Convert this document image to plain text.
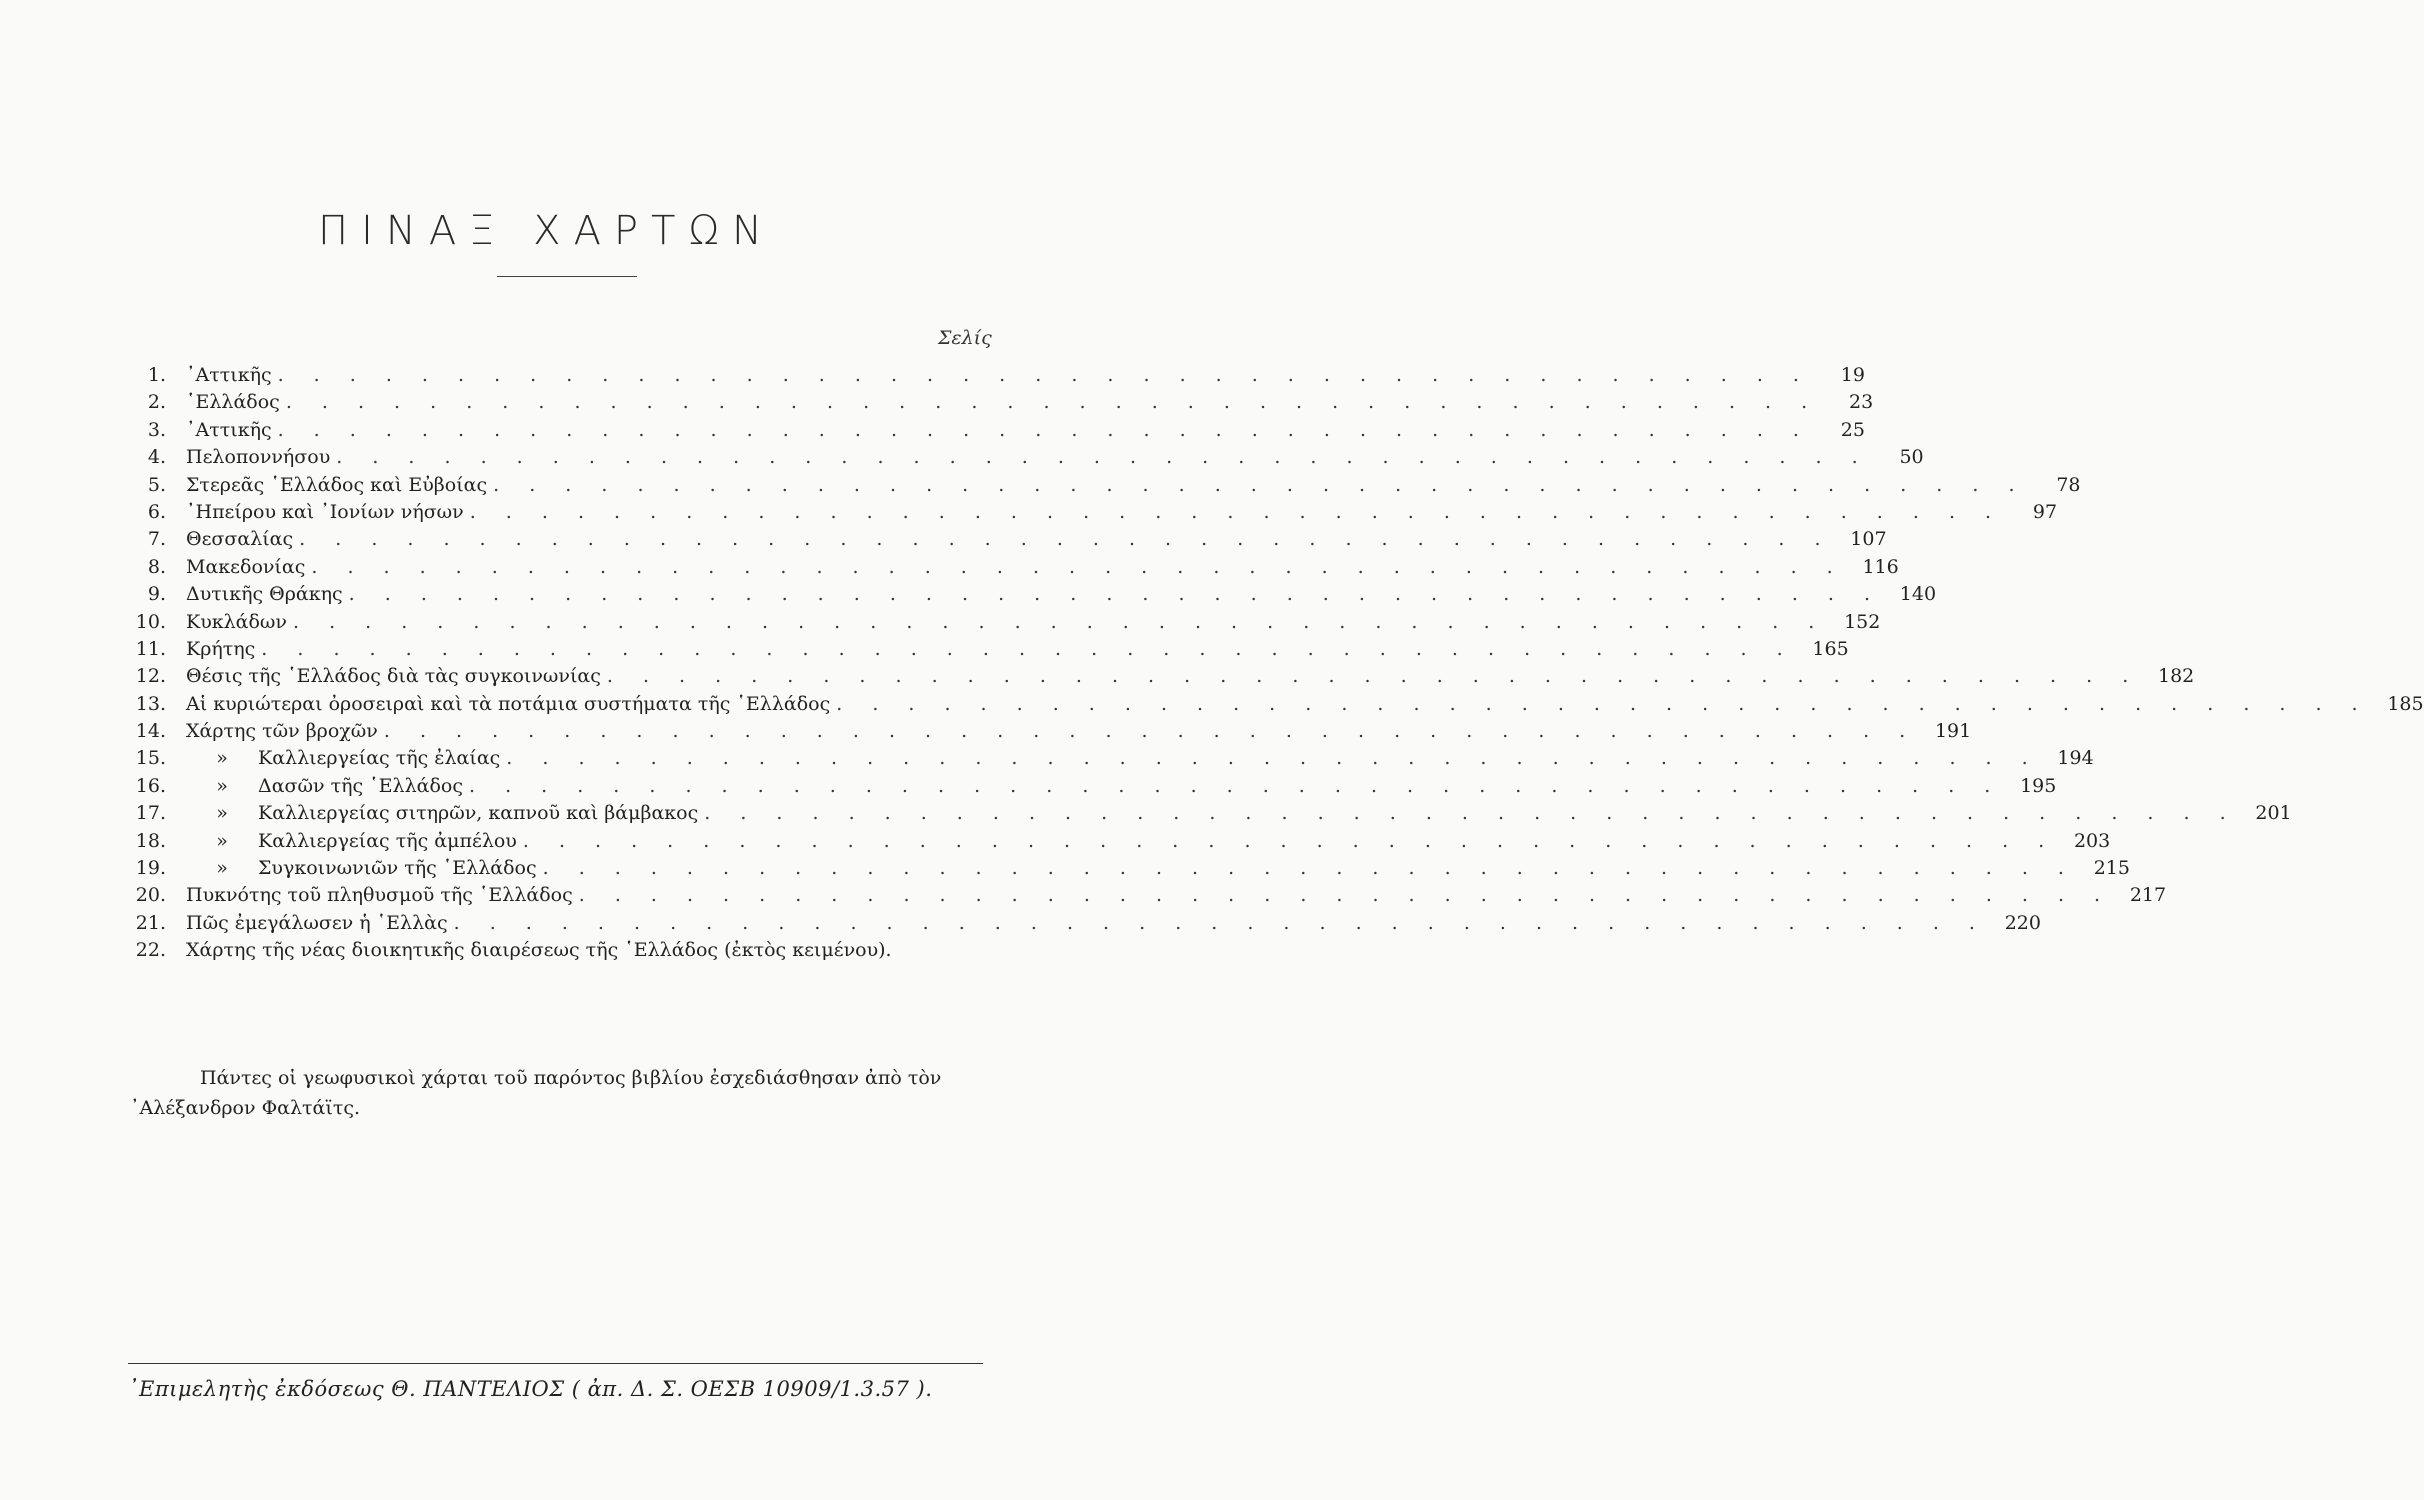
ΠΙΝΑΞ ΧΑΡΤΩΝ
Σελίς
1. ᾿Αττικῆς . . . . . . . . . . . . . . . . . . . . . . . . . . . . . . . . . . . . . . . . . . .	19
2. ῾Ελλάδος . . . . . . . . . . . . . . . . . . . . . . . . . . . . . . . . . . . . . . . . . . .	23
3. ᾿Αττικῆς . . . . . . . . . . . . . . . . . . . . . . . . . . . . . . . . . . . . . . . . . . .	25
4. Πελοποννήσου . . . . . . . . . . . . . . . . . . . . . . . . . . . . . . . . . . . . . . . . . . .	50
5. Στερεᾶς ῾Ελλάδος καὶ Εὐβοίας . . . . . . . . . . . . . . . . . . . . . . . . . . . . . . . . . . . . . . . . . . .	78
6. ᾿Ηπείρου καὶ ᾿Ιονίων νήσων . . . . . . . . . . . . . . . . . . . . . . . . . . . . . . . . . . . . . . . . . . .	97
7. Θεσσαλίας . . . . . . . . . . . . . . . . . . . . . . . . . . . . . . . . . . . . . . . . . . . 107
8. Μακεδονίας . . . . . . . . . . . . . . . . . . . . . . . . . . . . . . . . . . . . . . . . . . . 116
9. Δυτικῆς Θράκης . . . . . . . . . . . . . . . . . . . . . . . . . . . . . . . . . . . . . . . . . . . 140
10. Κυκλάδων . . . . . . . . . . . . . . . . . . . . . . . . . . . . . . . . . . . . . . . . . . . 152
11. Κρήτης . . . . . . . . . . . . . . . . . . . . . . . . . . . . . . . . . . . . . . . . . . . 165
12. Θέσις τῆς ῾Ελλάδος διὰ τὰς συγκοινωνίας . . . . . . . . . . . . . . . . . . . . . . . . . . . . . . . . . . . . . . . . . . . 182
13. Αἱ κυριώτεραι ὀροσειραὶ καὶ τὰ ποτάμια συστήματα τῆς ῾Ελλάδος . . . . . . . . . . . . . . . . . . . . . . . . . . . . . . . . . . . . . . . . . . . 185
14. Χάρτης τῶν βροχῶν . . . . . . . . . . . . . . . . . . . . . . . . . . . . . . . . . . . . . . . . . . . 191
15.	»	Καλλιεργείας τῆς ἐλαίας . . . . . . . . . . . . . . . . . . . . . . . . . . . . . . . . . . . . . . . . . . . 194
16.	»	Δασῶν τῆς ῾Ελλάδος . . . . . . . . . . . . . . . . . . . . . . . . . . . . . . . . . . . . . . . . . . . 195
17.	»	Καλλιεργείας σιτηρῶν, καπνοῦ καὶ βάμβακος . . . . . . . . . . . . . . . . . . . . . . . . . . . . . . . . . . . . . . . . . . . 201
18.	»	Καλλιεργείας τῆς ἀμπέλου . . . . . . . . . . . . . . . . . . . . . . . . . . . . . . . . . . . . . . . . . . . 203
19.	»	Συγκοινωνιῶν τῆς ῾Ελλάδος . . . . . . . . . . . . . . . . . . . . . . . . . . . . . . . . . . . . . . . . . . . 215
20. Πυκνότης τοῦ πληθυσμοῦ τῆς ῾Ελλάδος . . . . . . . . . . . . . . . . . . . . . . . . . . . . . . . . . . . . . . . . . . . 217
21. Πῶς ἐμεγάλωσεν ἡ ῾Ελλὰς . . . . . . . . . . . . . . . . . . . . . . . . . . . . . . . . . . . . . . . . . . . 220
22. Χάρτης τῆς νέας διοικητικῆς διαιρέσεως τῆς ῾Ελλάδος (ἐκτὸς κειμένου).
Πάντες οἱ γεωφυσικοὶ χάρται τοῦ παρόντος βιβλίου ἐσχεδιάσθησαν ἀπὸ τὸν
᾿Αλέξανδρον Φαλτάϊτς.
᾿Επιμελητὴς ἐκδόσεως Θ. ΠΑΝΤΕΛΙΟΣ ( ἀπ. Δ. Σ. ΟΕΣΒ 10909/1.3.57 ).
